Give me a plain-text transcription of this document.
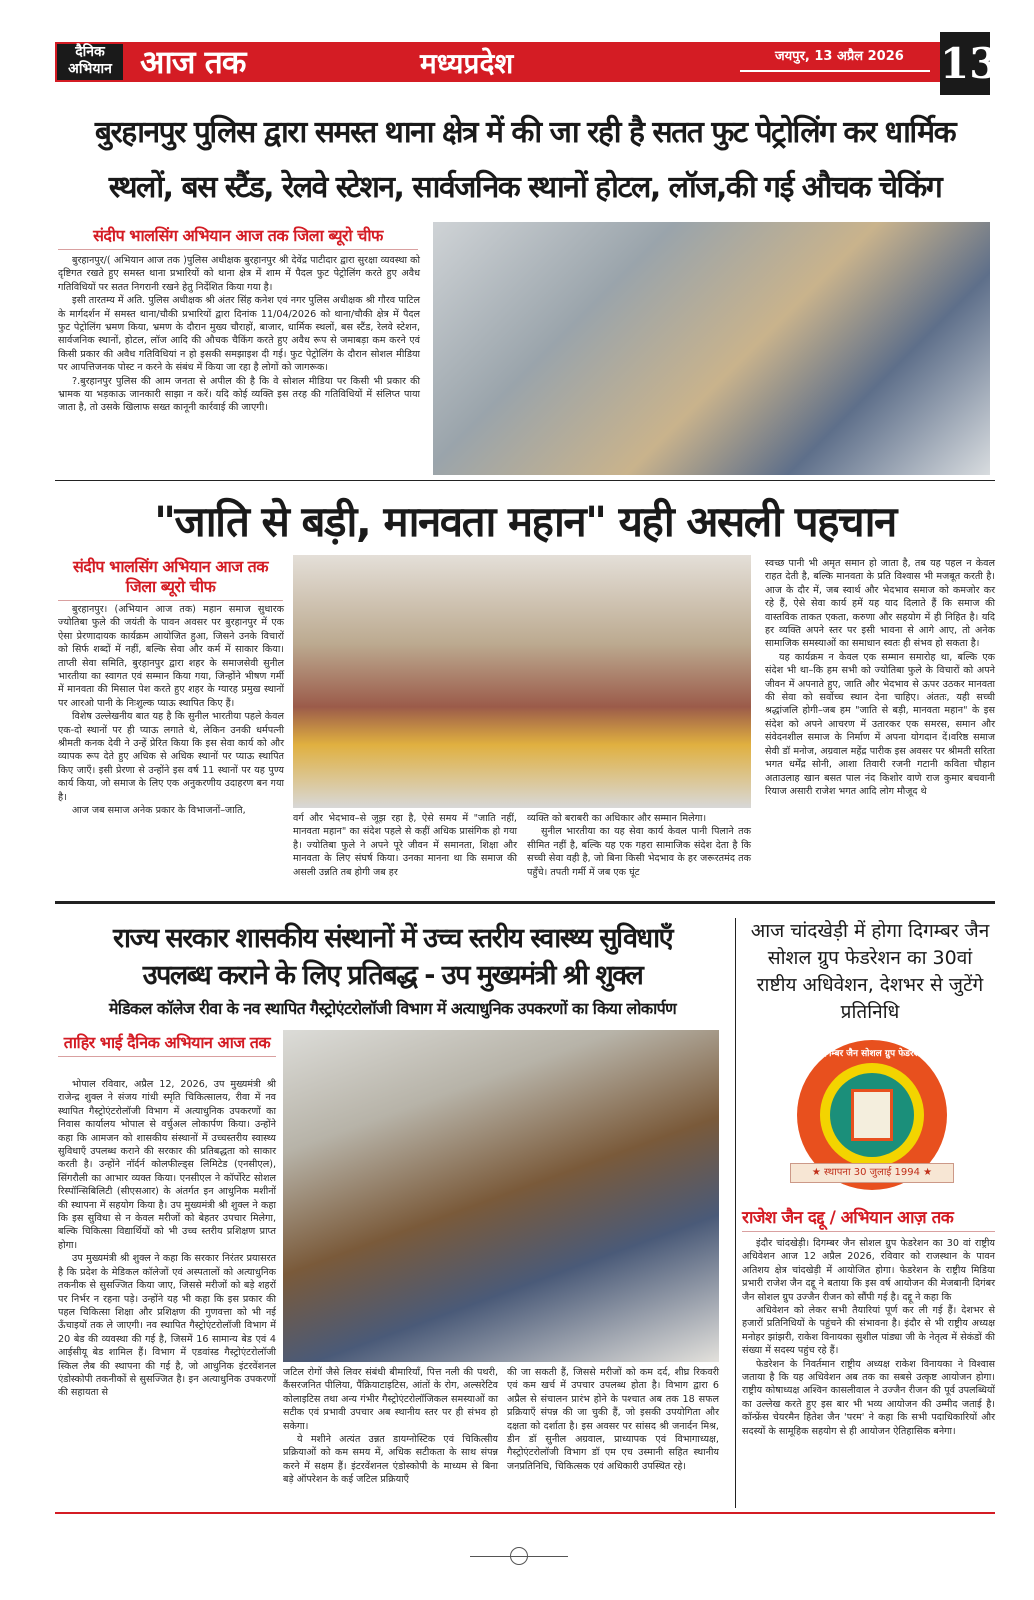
दैनिक
अभियान आज तक	मध्यप्रदेश	जयपुर, 13 अप्रैल 2026 13
बुरहानपुर पुलिस द्वारा समस्त थाना क्षेत्र में की जा रही है सतत फुट पेट्रोलिंग कर धार्मिक
स्थलों, बस स्टैंड, रेलवे स्टेशन, सार्वजनिक स्थानों होटल, लॉज,की गई औचक चेकिंग
संदीप भालसिंग अभियान आज तक जिला ब्यूरो चीफ

बुरहानपुर/( अभियान आज तक )पुलिस अधीक्षक बुरहानपुर श्री देवेंद्र पाटीदार द्वारा सुरक्षा व्यवस्था को दृष्टिगत रखते हुए समस्त थाना प्रभारियों को थाना क्षेत्र में शाम में पैदल फुट पेट्रोलिंग करते हुए अवैध गतिविधियों पर सतत निगरानी रखने हेतु निर्देशित किया गया है।

इसी तारतम्य में अति. पुलिस अधीक्षक श्री अंतर सिंह कनेश एवं नगर पुलिस अधीक्षक श्री गौरव पाटिल के मार्गदर्शन में समस्त थाना/चौकी प्रभारियों द्वारा दिनांक 11/04/2026 को थाना/चौकी क्षेत्र में पैदल फुट पेट्रोलिंग भ्रमण किया, भ्रमण के दौरान मुख्य चौराहों, बाजार, धार्मिक स्थलों, बस स्टैंड, रेलवे स्टेशन, सार्वजनिक स्थानों, होटल, लॉज आदि की औचक चैकिंग करते हुए अवैध रूप से जमाबड़ा कम करने एवं किसी प्रकार की अवैध गतिविधियां न हो इसकी समझाइश दी गई। फुट पेट्रोलिंग के दौरान सोशल मीडिया पर आपत्तिजनक पोस्ट न करने के संबंध में किया जा रहा है लोगों को जागरूक।

?.बुरहानपुर पुलिस की आम जनता से अपील की है कि वे सोशल मीडिया पर किसी भी प्रकार की भ्रामक या भड़काऊ जानकारी साझा न करें। यदि कोई व्यक्ति इस तरह की गतिविधियों में संलिप्त पाया जाता है, तो उसके खिलाफ सख्त कानूनी कार्रवाई की जाएगी।

"जाति से बड़ी, मानवता महान" यही असली पहचान
संदीप भालसिंग अभियान आज तक जिला ब्यूरो चीफ

बुरहानपुर। (अभियान आज तक) महान समाज सुधारक ज्योतिबा फुले की जयंती के पावन अवसर पर बुरहानपुर में एक ऐसा प्रेरणादायक कार्यक्रम आयोजित हुआ, जिसने उनके विचारों को सिर्फ शब्दों में नहीं, बल्कि सेवा और कर्म में साकार किया। ताप्ती सेवा समिति, बुरहानपुर द्वारा शहर के समाजसेवी सुनील भारतीया का स्वागत एवं सम्मान किया गया, जिन्होंने भीषण गर्मी में मानवता की मिसाल पेश करते हुए शहर के ग्यारह प्रमुख स्थानों पर आरओ पानी के निःशुल्क प्याऊ स्थापित किए हैं।

विशेष उल्लेखनीय बात यह है कि सुनील भारतीया पहले केवल एक-दो स्थानों पर ही प्याऊ लगाते थे, लेकिन उनकी धर्मपत्नी श्रीमती कनक देवी ने उन्हें प्रेरित किया कि इस सेवा कार्य को और व्यापक रूप देते हुए अधिक से अधिक स्थानों पर प्याऊ स्थापित किए जाएँ। इसी प्रेरणा से उन्होंने इस वर्ष 11 स्थानों पर यह पुण्य कार्य किया, जो समाज के लिए एक अनुकरणीय उदाहरण बन गया है।

आज जब समाज अनेक प्रकार के विभाजनों–जाति,

वर्ग और भेदभाव–से जूझ रहा है, ऐसे समय में "जाति नहीं, मानवता महान" का संदेश पहले से कहीं अधिक प्रासंगिक हो गया है। ज्योतिबा फुले ने अपने पूरे जीवन में समानता, शिक्षा और मानवता के लिए संघर्ष किया। उनका मानना था कि समाज की असली उन्नति तब होगी जब हर

व्यक्ति को बराबरी का अधिकार और सम्मान मिलेगा।

सुनील भारतीया का यह सेवा कार्य केवल पानी पिलाने तक सीमित नहीं है, बल्कि यह एक गहरा सामाजिक संदेश देता है कि सच्ची सेवा वही है, जो बिना किसी भेदभाव के हर जरूरतमंद तक पहुँचे। तपती गर्मी में जब एक घूंट

स्वच्छ पानी भी अमृत समान हो जाता है, तब यह पहल न केवल राहत देती है, बल्कि मानवता के प्रति विश्वास भी मजबूत करती है। आज के दौर में, जब स्वार्थ और भेदभाव समाज को कमजोर कर रहे हैं, ऐसे सेवा कार्य हमें यह याद दिलाते हैं कि समाज की वास्तविक ताकत एकता, करुणा और सहयोग में ही निहित है। यदि हर व्यक्ति अपने स्तर पर इसी भावना से आगे आए, तो अनेक सामाजिक समस्याओं का समाधान स्वतः ही संभव हो सकता है।

यह कार्यक्रम न केवल एक सम्मान समारोह था, बल्कि एक संदेश भी था–कि हम सभी को ज्योतिबा फुले के विचारों को अपने जीवन में अपनाते हुए, जाति और भेदभाव से ऊपर उठकर मानवता की सेवा को सर्वोच्च स्थान देना चाहिए। अंततः, यही सच्ची श्रद्धांजलि होगी–जब हम "जाति से बड़ी, मानवता महान" के इस संदेश को अपने आचरण में उतारकर एक समरस, समान और संवेदनशील समाज के निर्माण में अपना योगदान दें।वरिष्ठ समाज सेवी डॉ मनोज, अग्रवाल महेंद्र पारीक इस अवसर पर श्रीमती सरिता भगत धर्मेंद्र सोनी, आशा तिवारी रजनी गटानी कविता चौहान अताउलाह खान बसत पाल नंद किशोर वाणे राज कुमार बचवानी रियाज असारी राजेश भगत आदि लोग मौजूद थे

राज्य सरकार शासकीय संस्थानों में उच्च स्तरीय स्वास्थ्य सुविधाएँ
उपलब्ध कराने के लिए प्रतिबद्ध - उप मुख्यमंत्री श्री शुक्ल
मेडिकल कॉलेज रीवा के नव स्थापित गैस्ट्रोएंटरोलॉजी विभाग में अत्याधुनिक उपकरणों का किया लोकार्पण
ताहिर भाई दैनिक अभियान आज तक

भोपाल रविवार, अप्रैल 12, 2026, उप मुख्यमंत्री श्री राजेन्द्र शुक्ल ने संजय गांधी स्मृति चिकित्सालय, रीवा में नव स्थापित गैस्ट्रोएंटरोलॉजी विभाग में अत्याधुनिक उपकरणों का निवास कार्यालय भोपाल से वर्चुअल लोकार्पण किया। उन्होंने कहा कि आमजन को शासकीय संस्थानों में उच्चस्तरीय स्वास्थ्य सुविधाएँ उपलब्ध कराने की सरकार की प्रतिबद्धता को साकार करती है। उन्होंने नॉर्दर्न कोलफील्ड्स लिमिटेड (एनसीएल), सिंगरौली का आभार व्यक्त किया। एनसीएल ने कॉर्पोरेट सोशल रिस्पॉन्सिबिलिटी (सीएसआर) के अंतर्गत इन आधुनिक मशीनों की स्थापना में सहयोग किया है। उप मुख्यमंत्री श्री शुक्ल ने कहा कि इस सुविधा से न केवल मरीजों को बेहतर उपचार मिलेगा, बल्कि चिकित्सा विद्यार्थियों को भी उच्च स्तरीय प्रशिक्षण प्राप्त होगा।

उप मुख्यमंत्री श्री शुक्ल ने कहा कि सरकार निरंतर प्रयासरत है कि प्रदेश के मेडिकल कॉलेजों एवं अस्पतालों को अत्याधुनिक तकनीक से सुसज्जित किया जाए, जिससे मरीजों को बड़े शहरों पर निर्भर न रहना पड़े। उन्होंने यह भी कहा कि इस प्रकार की पहल चिकित्सा शिक्षा और प्रशिक्षण की गुणवत्ता को भी नई ऊँचाइयों तक ले जाएगी। नव स्थापित गैस्ट्रोएंटरोलॉजी विभाग में 20 बेड की व्यवस्था की गई है, जिसमें 16 सामान्य बेड एवं 4 आईसीयू बेड शामिल हैं। विभाग में एडवांस्ड गैस्ट्रोएंटरोलॉजी स्किल लैब की स्थापना की गई है, जो आधुनिक इंटरवेंशनल एंडोस्कोपी तकनीकों से सुसज्जित है। इन अत्याधुनिक उपकरणों की सहायता से

जटिल रोगों जैसे लिवर संबंधी बीमारियाँ, पित्त नली की पथरी, कैंसरजनित पीलिया, पैंक्रियाटाइटिस, आंतों के रोग, अल्सरेटिव कोलाइटिस तथा अन्य गंभीर गैस्ट्रोएंटरोलॉजिकल समस्याओं का सटीक एवं प्रभावी उपचार अब स्थानीय स्तर पर ही संभव हो सकेगा।

ये मशीने अत्यंत उन्नत डायग्नोस्टिक एवं चिकित्सीय प्रक्रियाओं को कम समय में, अधिक सटीकता के साथ संपन्न करने में सक्षम हैं। इंटरवेंशनल एंडोस्कोपी के माध्यम से बिना बड़े ऑपरेशन के कई जटिल प्रक्रियाएँ

की जा सकती हैं, जिससे मरीजों को कम दर्द, शीघ्र रिकवरी एवं कम खर्च में उपचार उपलब्ध होता है। विभाग द्वारा 6 अप्रैल से संचालन प्रारंभ होने के पश्चात अब तक 18 सफल प्रक्रियाएँ संपन्न की जा चुकी हैं, जो इसकी उपयोगिता और दक्षता को दर्शाता है। इस अवसर पर सांसद श्री जनार्दन मिश्र, डीन डॉ सुनील अग्रवाल, प्राध्यापक एवं विभागाध्यक्ष, गैस्ट्रोएंटरोलॉजी विभाग डॉ एम एच उस्मानी सहित स्थानीय जनप्रतिनिधि, चिकित्सक एवं अधिकारी उपस्थित रहे।

आज चांदखेड़ी में होगा दिगम्बर जैन सोशल ग्रुप फेडरेशन का 30वां राष्टीय अधिवेशन, देशभर से जुटेंगे प्रतिनिधि
दिगम्बर जैन सोशल ग्रुप फेडरेशन
★ स्थापना 30 जुलाई 1994 ★
राजेश जैन दद्दू / अभियान आज़ तक

इंदौर चांदखेड़ी। दिगम्बर जैन सोशल ग्रुप फेडरेशन का 30 वां राष्ट्रीय अधिवेशन आज 12 अप्रैल 2026, रविवार को राजस्थान के पावन अतिशय क्षेत्र चांदखेड़ी में आयोजित होगा। फेडरेशन के राष्ट्रीय मिडिया प्रभारी राजेश जैन दद्दू ने बताया कि इस वर्ष आयोजन की मेजबानी दिगंबर जैन सोशल ग्रुप उज्जैन रीजन को सौंपी गई है। दद्दू ने कहा कि

अधिवेशन को लेकर सभी तैयारियां पूर्ण कर ली गई हैं। देशभर से हजारों प्रतिनिधियों के पहुंचने की संभावना है। इंदौर से भी राष्ट्रीय अध्यक्ष मनोहर झांझरी, राकेश विनायका सुशील पांड्या जी के नेतृत्व में सेकंडों की संख्या में सदस्य पहुंच रहे हैं।

फेडरेशन के निवर्तमान राष्ट्रीय अध्यक्ष राकेश विनायका ने विश्वास जताया है कि यह अधिवेशन अब तक का सबसे उत्कृष्ट आयोजन होगा। राष्ट्रीय कोषाध्यक्ष अश्विन कासलीवाल ने उज्जैन रीजन की पूर्व उपलब्धियों का उल्लेख करते हुए इस बार भी भव्य आयोजन की उम्मीद जताई है। कॉन्फ्रेंस चेयरमैन हितेश जैन 'परम' ने कहा कि सभी पदाधिकारियों और सदस्यों के सामूहिक सहयोग से ही आयोजन ऐतिहासिक बनेगा।
